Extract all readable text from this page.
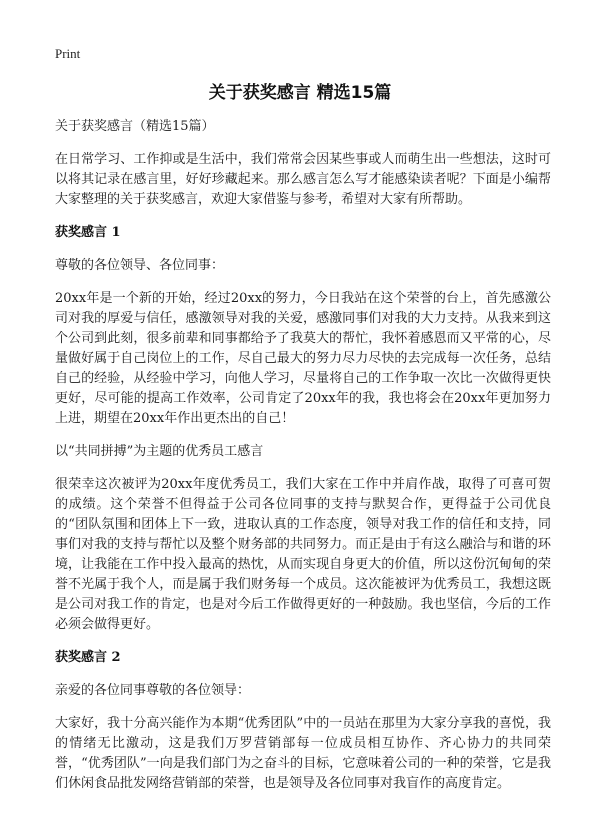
Print
关于获奖感言 精选15篇

关于获奖感言（精选15篇）

在日常学习、工作抑或是生活中，我们常常会因某些事或人而萌生出一些想法，这时可以将其记录在感言里，好好珍藏起来。那么感言怎么写才能感染读者呢？下面是小编帮大家整理的关于获奖感言，欢迎大家借鉴与参考，希望对大家有所帮助。

获奖感言 1

尊敬的各位领导、各位同事：

20xx年是一个新的开始，经过20xx的努力，今日我站在这个荣誉的台上，首先感激公司对我的厚爱与信任，感激领导对我的关爱，感激同事们对我的大力支持。从我来到这个公司到此刻，很多前辈和同事都给予了我莫大的帮忙，我怀着感恩而又平常的心，尽量做好属于自己岗位上的工作，尽自己最大的努力尽力尽快的去完成每一次任务，总结自己的经验，从经验中学习，向他人学习，尽量将自己的工作争取一次比一次做得更快更好，尽可能的提高工作效率，公司肯定了20xx年的我，我也将会在20xx年更加努力上进，期望在20xx年作出更杰出的自己！

以“共同拼搏”为主题的优秀员工感言

很荣幸这次被评为20xx年度优秀员工，我们大家在工作中并肩作战，取得了可喜可贺的成绩。这个荣誉不但得益于公司各位同事的支持与默契合作，更得益于公司优良的“团队氛围和团体上下一致，进取认真的工作态度，领导对我工作的信任和支持，同事们对我的支持与帮忙以及整个财务部的共同努力。而正是由于有这么融洽与和谐的环境，让我能在工作中投入最高的热忱，从而实现自身更大的价值，所以这份沉甸甸的荣誉不光属于我个人，而是属于我们财务每一个成员。这次能被评为优秀员工，我想这既是公司对我工作的肯定，也是对今后工作做得更好的一种鼓励。我也坚信，今后的工作必须会做得更好。

获奖感言 2

亲爱的各位同事尊敬的各位领导：

大家好，我十分高兴能作为本期“优秀团队”中的一员站在那里为大家分享我的喜悦，我的情绪无比激动，这是我们万罗营销部每一位成员相互协作、齐心协力的共同荣誉，“优秀团队”一向是我们部门为之奋斗的目标，它意味着公司的一种的荣誉，它是我们休闲食品批发网络营销部的荣誉，也是领导及各位同事对我盲作的高度肯定。
